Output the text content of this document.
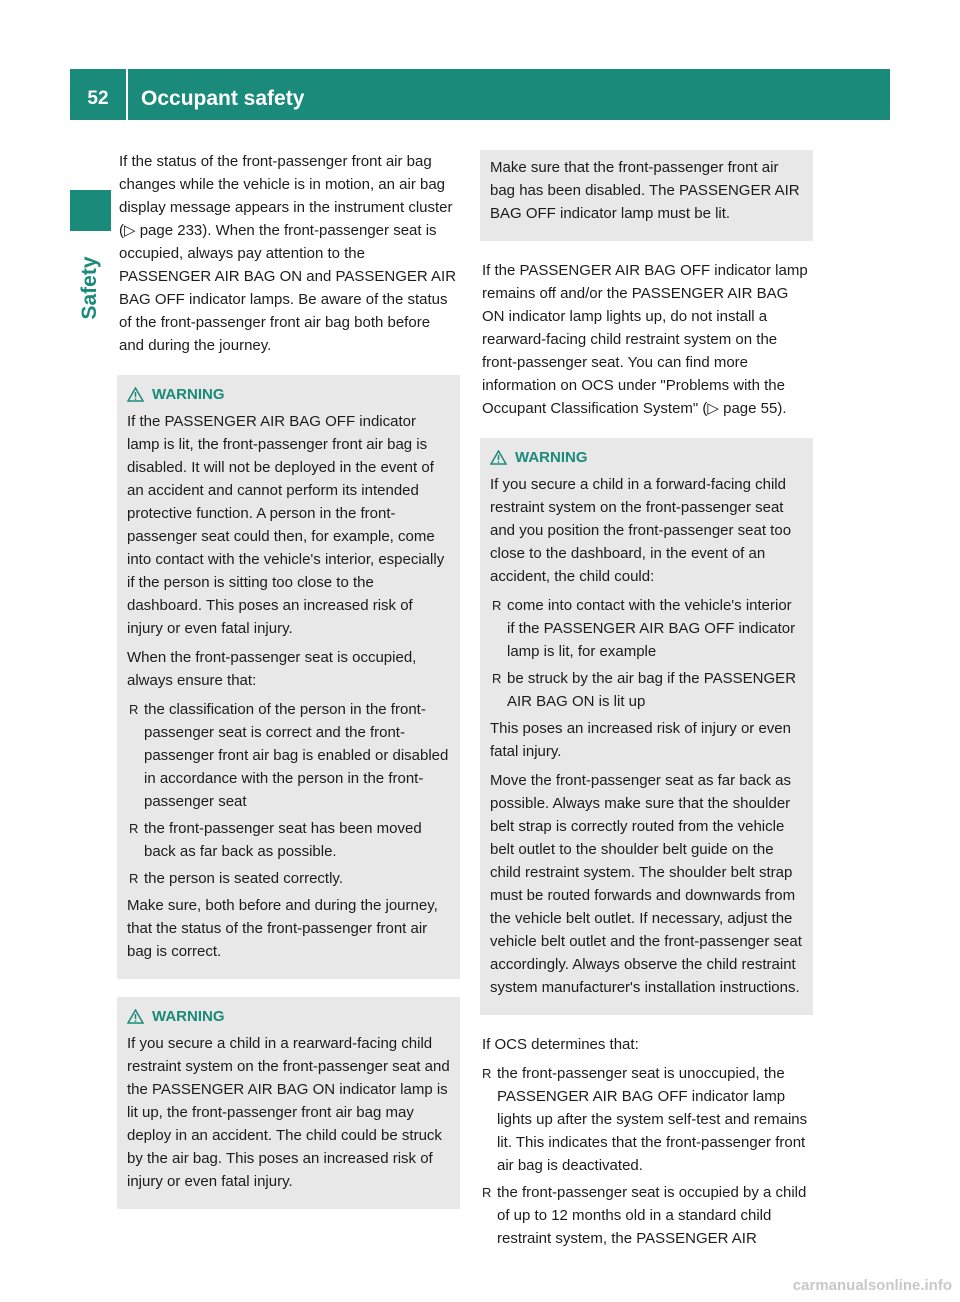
52	Occupant safety
Safety

If the status of the front-passenger front air bag changes while the vehicle is in motion, an air bag display message appears in the instrument cluster (▷ page 233). When the front-passenger seat is occupied, always pay attention to the PASSENGER AIR BAG ON and PASSENGER AIR BAG OFF indicator lamps. Be aware of the status of the front-passenger front air bag both before and during the journey.

WARNING

If the PASSENGER AIR BAG OFF indicator lamp is lit, the front-passenger front air bag is disabled. It will not be deployed in the event of an accident and cannot perform its intended protective function. A person in the front-passenger seat could then, for example, come into contact with the vehicle's interior, especially if the person is sitting too close to the dashboard. This poses an increased risk of injury or even fatal injury.

When the front-passenger seat is occupied, always ensure that:

R the classification of the person in the front-passenger seat is correct and the front-passenger front air bag is enabled or disabled in accordance with the person in the front-passenger seat
R the front-passenger seat has been moved back as far back as possible.
R the person is seated correctly.

Make sure, both before and during the journey, that the status of the front-passenger front air bag is correct.

WARNING

If you secure a child in a rearward-facing child restraint system on the front-passenger seat and the PASSENGER AIR BAG ON indicator lamp is lit up, the front-passenger front air bag may deploy in an accident. The child could be struck by the air bag. This poses an increased risk of injury or even fatal injury.

Make sure that the front-passenger front air bag has been disabled. The PASSENGER AIR BAG OFF indicator lamp must be lit.

If the PASSENGER AIR BAG OFF indicator lamp remains off and/or the PASSENGER AIR BAG ON indicator lamp lights up, do not install a rearward-facing child restraint system on the front-passenger seat. You can find more information on OCS under "Problems with the Occupant Classification System" (▷ page 55).

WARNING

If you secure a child in a forward-facing child restraint system on the front-passenger seat and you position the front-passenger seat too close to the dashboard, in the event of an accident, the child could:

R come into contact with the vehicle's interior if the PASSENGER AIR BAG OFF indicator lamp is lit, for example
R be struck by the air bag if the PASSENGER AIR BAG ON is lit up

This poses an increased risk of injury or even fatal injury.

Move the front-passenger seat as far back as possible. Always make sure that the shoulder belt strap is correctly routed from the vehicle belt outlet to the shoulder belt guide on the child restraint system. The shoulder belt strap must be routed forwards and downwards from the vehicle belt outlet. If necessary, adjust the vehicle belt outlet and the front-passenger seat accordingly. Always observe the child restraint system manufacturer's installation instructions.

If OCS determines that:

R the front-passenger seat is unoccupied, the PASSENGER AIR BAG OFF indicator lamp lights up after the system self-test and remains lit. This indicates that the front-passenger front air bag is deactivated.
R the front-passenger seat is occupied by a child of up to 12 months old in a standard child restraint system, the PASSENGER AIR
carmanualsonline.info
